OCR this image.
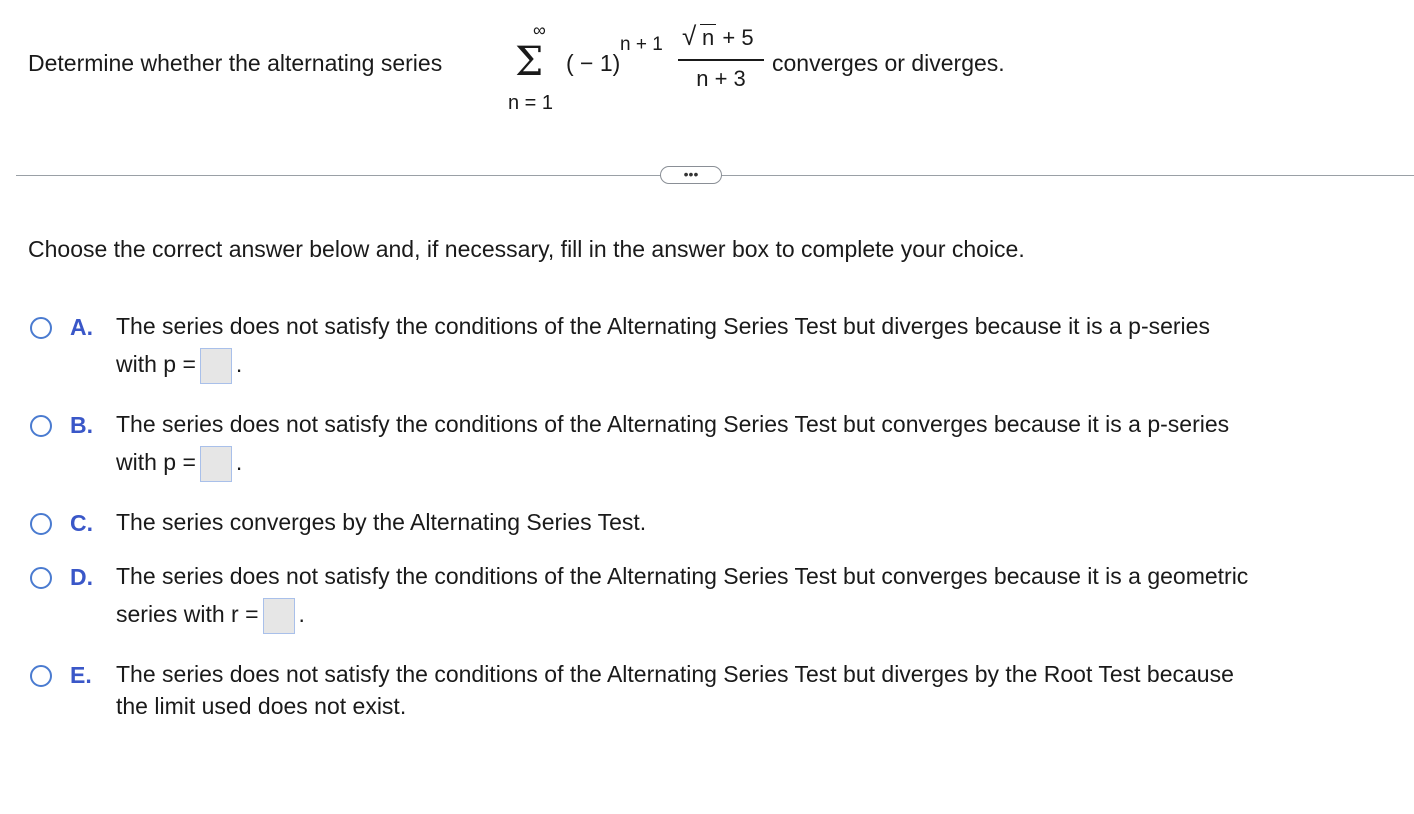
Determine whether the alternating series
∞
Σ
n = 1
( − 1)
n + 1 √ n + 5
n + 3
converges or diverges.
•••
Choose the correct answer below and, if necessary, fill in the answer box to complete your choice.
A. The series does not satisfy the conditions of the Alternating Series Test but diverges because it is a p-series
with p = .
B. The series does not satisfy the conditions of the Alternating Series Test but converges because it is a p-series
with p = .
C. The series converges by the Alternating Series Test.
D. The series does not satisfy the conditions of the Alternating Series Test but converges because it is a geometric
series with r = .
E. The series does not satisfy the conditions of the Alternating Series Test but diverges by the Root Test because
the limit used does not exist.
